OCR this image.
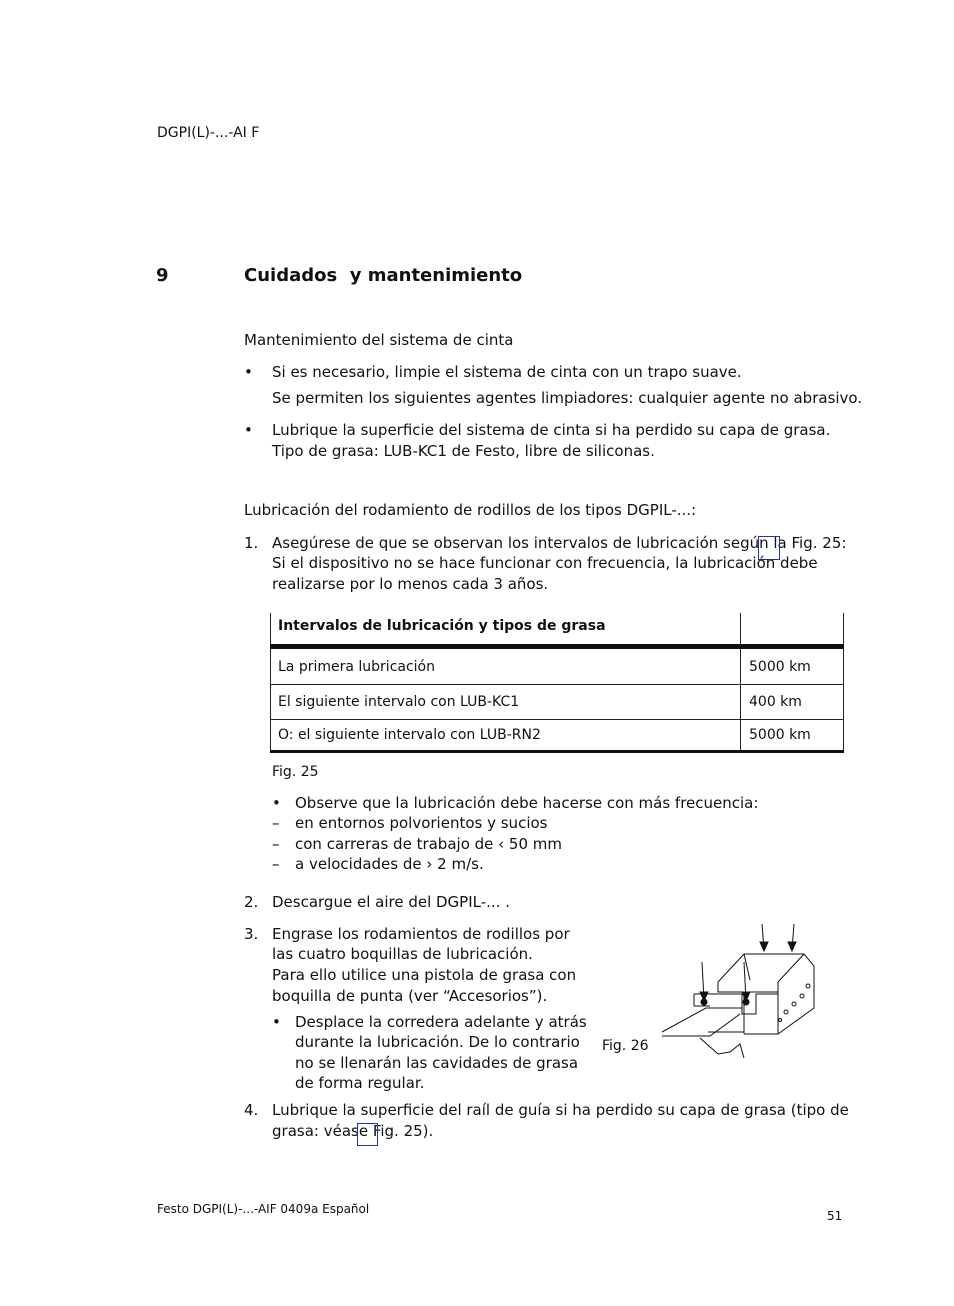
DGPI(L)-...-AI F
9	Cuidados  y mantenimiento
Mantenimiento del sistema de cinta
• Si es necesario, limpie el sistema de cinta con un trapo suave.
Se permiten los siguientes agentes limpiadores: cualquier agente no abrasivo.
• Lubrique la superficie del sistema de cinta si ha perdido su capa de grasa.
Tipo de grasa: LUB-KC1 de Festo, libre de siliconas.
Lubricación del rodamiento de rodillos de los tipos DGPIL-...:
1. Asegúrese de que se observan los intervalos de lubricación según la Fig. 25:
Si el dispositivo no se hace funcionar con frecuencia, la lubricación debe
realizarse por lo menos cada 3 años.
Intervalos de lubricación y tipos de grasa
La primera lubricación	5000 km
El siguiente intervalo con LUB-KC1	400 km
O: el siguiente intervalo con LUB-RN2	5000 km
Fig. 25
• Observe que la lubricación debe hacerse con más frecuencia:
– en entornos polvorientos y sucios
– con carreras de trabajo de ‹ 50 mm
– a velocidades de › 2 m/s.
2. Descargue el aire del DGPIL-... .
3. Engrase los rodamientos de rodillos por
las cuatro boquillas de lubricación.
Para ello utilice una pistola de grasa con
boquilla de punta (ver “Accesorios”).
• Desplace la corredera adelante y atrás
durante la lubricación. De lo contrario
no se llenarán las cavidades de grasa
de forma regular.
Fig. 26
4. Lubrique la superficie del raíl de guía si ha perdido su capa de grasa (tipo de
grasa: véase Fig. 25).
Festo DGPI(L)-...-AIF 0409a Español	51
